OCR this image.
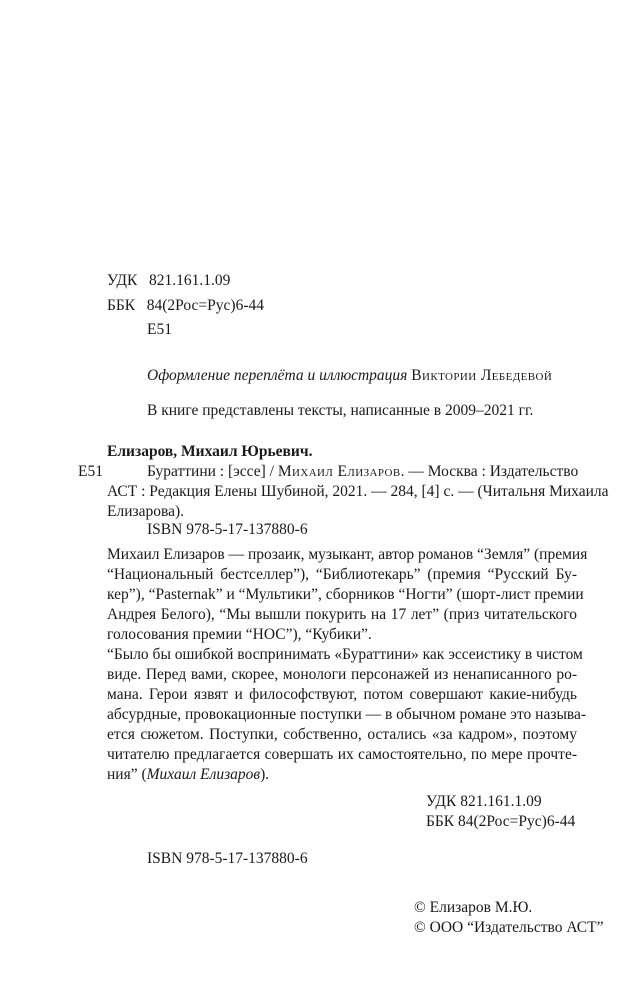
УДК   821.161.1.09
ББК   84(2Рос=Рус)6-44
Е51
Оформление переплёта и иллюстрация Виктории Лебедевой
В книге представлены тексты, написанные в 2009–2021 гг.
Елизаров, Михаил Юрьевич.
Е51	Бураттини : [эссе] / Михаил Елизаров. — Москва : Издательство
АСТ : Редакция Елены Шубиной, 2021. — 284, [4] с. — (Читальня Михаила
Елизарова).
ISBN 978-5-17-137880-6
Михаил Елизаров — прозаик, музыкант, автор романов “Земля” (премия
“Национальный бестселлер”), “Библиотекарь” (премия “Русский Бу-
кер”), “Pasternak” и “Мультики”, сборников “Ногти” (шорт-лист премии
Андрея Белого), “Мы вышли покурить на 17 лет” (приз читательского
голосования премии “НОС”), “Кубики”.
“Было бы ошибкой воспринимать «Бураттини» как эссеистику в чистом
виде. Перед вами, скорее, монологи персонажей из ненаписанного ро-
мана. Герои язвят и философствуют, потом совершают какие-нибудь
абсурдные, провокационные поступки — в обычном романе это называ-
ется сюжетом. Поступки, собственно, остались «за кадром», поэтому
читателю предлагается совершать их самостоятельно, по мере прочте-
ния” (Михаил Елизаров).
УДК 821.161.1.09
ББК 84(2Рос=Рус)6-44
ISBN 978-5-17-137880-6
© Елизаров М.Ю.
© ООО “Издательство АСТ”
